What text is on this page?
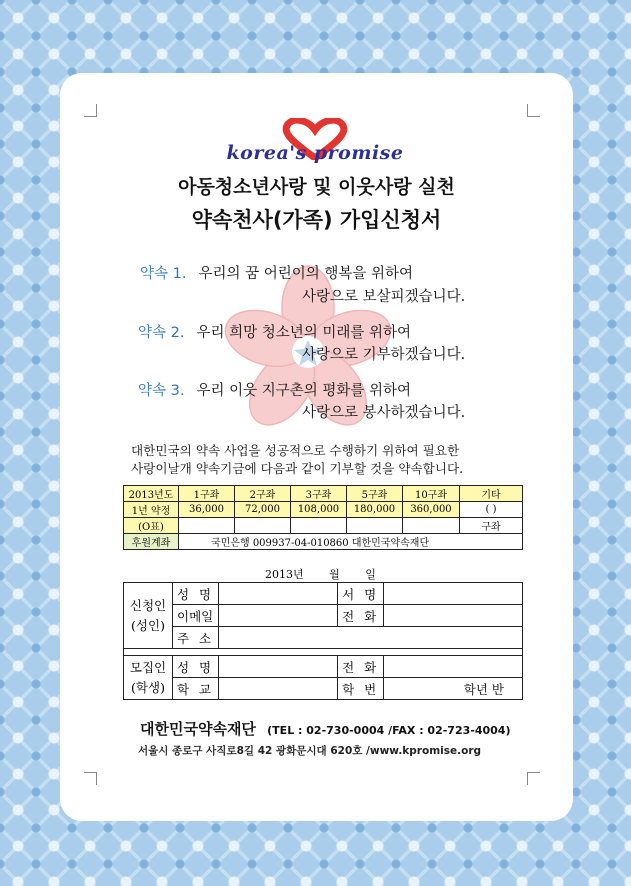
korea's promise
아동청소년사랑 및 이웃사랑 실천
약속천사(가족) 가입신청서
약속 1. 우리의 꿈 어린이의 행복을 위하여
사랑으로 보살피겠습니다.
약속 2. 우리 희망 청소년의 미래를 위하여
사랑으로 기부하겠습니다.
약속 3. 우리 이웃 지구촌의 평화를 위하여
사랑으로 봉사하겠습니다.
대한민국의 약속 사업을 성공적으로 수행하기 위하여 필요한
사랑이날개 약속기금에 다음과 같이 기부할 것을 약속합니다.
2013년도	1구좌	2구좌	3구좌	5구좌	10구좌	기타
1년 약정	36,000	72,000	108,000	180,000	360,000	( )
(O표)						구좌
후원계좌	국민은행 009937-04-010860 대한민국약속재단					
2013년 월 일
신청인
(성인)	성 명		서 명	
	이메일		전 화	
	주 소			

모집인
(학생)	성 명		전 화	
	학 교		학 번	학년 반
대한민국약속재단 (TEL : 02-730-0004 /FAX : 02-723-4004)
서울시 종로구 사직로8길 42 광화문시대 620호 /www.kpromise.org
